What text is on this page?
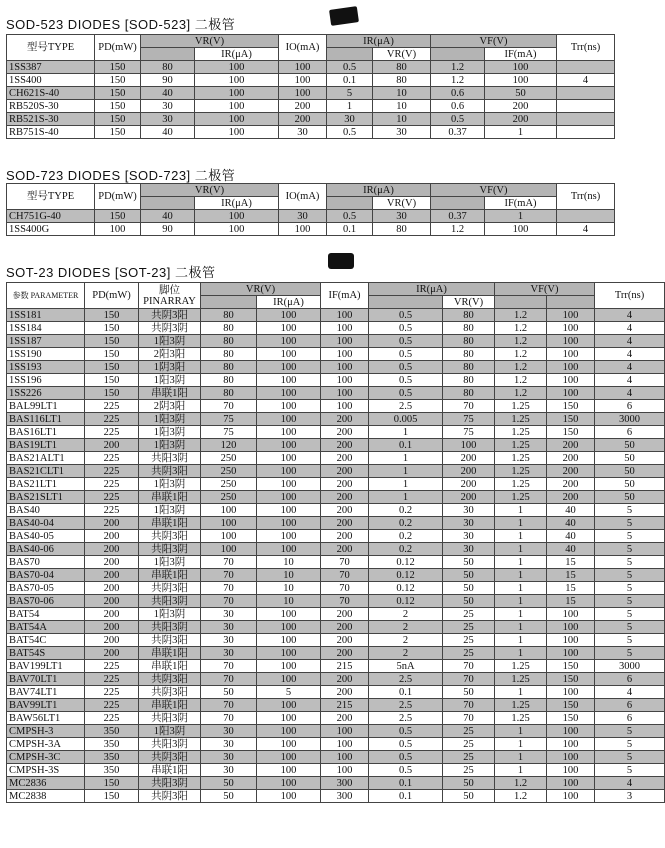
SOD-523 DIODES [SOD-523] 二极管
型号TYPE	PD(mW)	VR(V)		IO(mA)	IR(μA)		VF(V)		Trr(ns)
			IR(μA)			VR(V)		IF(mA)	
1SS387	150	80	100	100	0.5	80	1.2	100	
1SS400	150	90	100	100	0.1	80	1.2	100	4
CH621S-40	150	40	100	100	5	10	0.6	50	
RB520S-30	150	30	100	200	1	10	0.6	200	
RB521S-30	150	30	100	200	30	10	0.5	200	
RB751S-40	150	40	100	30	0.5	30	0.37	1	
SOD-723 DIODES [SOD-723] 二极管
型号TYPE	PD(mW)	VR(V)		IO(mA)	IR(μA)		VF(V)		Trr(ns)
			IR(μA)			VR(V)		IF(mA)	
CH751G-40	150	40	100	30	0.5	30	0.37	1	
1SS400G	100	90	100	100	0.1	80	1.2	100	4
SOT-23 DIODES [SOT-23] 二极管
参数 PARAMETER	PD(mW)	脚位 PINARRAY	VR(V)		IF(mA)	IR(μA)		VF(V)		Trr(ns)
				IR(μA)			VR(V)			
1SS181	150	共阴3阳	80	100	100	0.5	80	1.2	100	4
1SS184	150	共阴3阴	80	100	100	0.5	80	1.2	100	4
1SS187	150	1阳3阴	80	100	100	0.5	80	1.2	100	4
1SS190	150	2阳3阳	80	100	100	0.5	80	1.2	100	4
1SS193	150	1阴3阳	80	100	100	0.5	80	1.2	100	4
1SS196	150	1阳3阴	80	100	100	0.5	80	1.2	100	4
1SS226	150	串联1阳	80	100	100	0.5	80	1.2	100	4
BAL99LT1	225	2阴3阳	70	100	100	2.5	70	1.25	150	6
BAS116LT1	225	1阳3阴	75	100	200	0.005	75	1.25	150	3000
BAS16LT1	225	1阳3阴	75	100	200	1	75	1.25	150	6
BAS19LT1	200	1阳3阴	120	100	200	0.1	100	1.25	200	50
BAS21ALT1	225	共阳3阴	250	100	200	1	200	1.25	200	50
BAS21CLT1	225	共阴3阳	250	100	200	1	200	1.25	200	50
BAS21LT1	225	1阳3阴	250	100	200	1	200	1.25	200	50
BAS21SLT1	225	串联1阳	250	100	200	1	200	1.25	200	50
BAS40	225	1阳3阴	100	100	200	0.2	30	1	40	5
BAS40-04	200	串联1阳	100	100	200	0.2	30	1	40	5
BAS40-05	200	共阴3阳	100	100	200	0.2	30	1	40	5
BAS40-06	200	共阳3阴	100	100	200	0.2	30	1	40	5
BAS70	200	1阳3阴	70	10	70	0.12	50	1	15	5
BAS70-04	200	串联1阳	70	10	70	0.12	50	1	15	5
BAS70-05	200	共阴3阳	70	10	70	0.12	50	1	15	5
BAS70-06	200	共阳3阴	70	10	70	0.12	50	1	15	5
BAT54	200	1阳3阴	30	100	200	2	25	1	100	5
BAT54A	200	共阳3阴	30	100	200	2	25	1	100	5
BAT54C	200	共阴3阳	30	100	200	2	25	1	100	5
BAT54S	200	串联1阳	30	100	200	2	25	1	100	5
BAV199LT1	225	串联1阳	70	100	215	5nA	70	1.25	150	3000
BAV70LT1	225	共阴3阳	70	100	200	2.5	70	1.25	150	6
BAV74LT1	225	共阴3阳	50	5	200	0.1	50	1	100	4
BAV99LT1	225	串联1阳	70	100	215	2.5	70	1.25	150	6
BAW56LT1	225	共阳3阴	70	100	200	2.5	70	1.25	150	6
CMPSH-3	350	1阳3阴	30	100	100	0.5	25	1	100	5
CMPSH-3A	350	共阳3阴	30	100	100	0.5	25	1	100	5
CMPSH-3C	350	共阴3阳	30	100	100	0.5	25	1	100	5
CMPSH-3S	350	串联1阳	30	100	100	0.5	25	1	100	5
MC2836	150	共阳3阴	50	100	300	0.1	50	1.2	100	4
MC2838	150	共阴3阳	50	100	300	0.1	50	1.2	100	3
